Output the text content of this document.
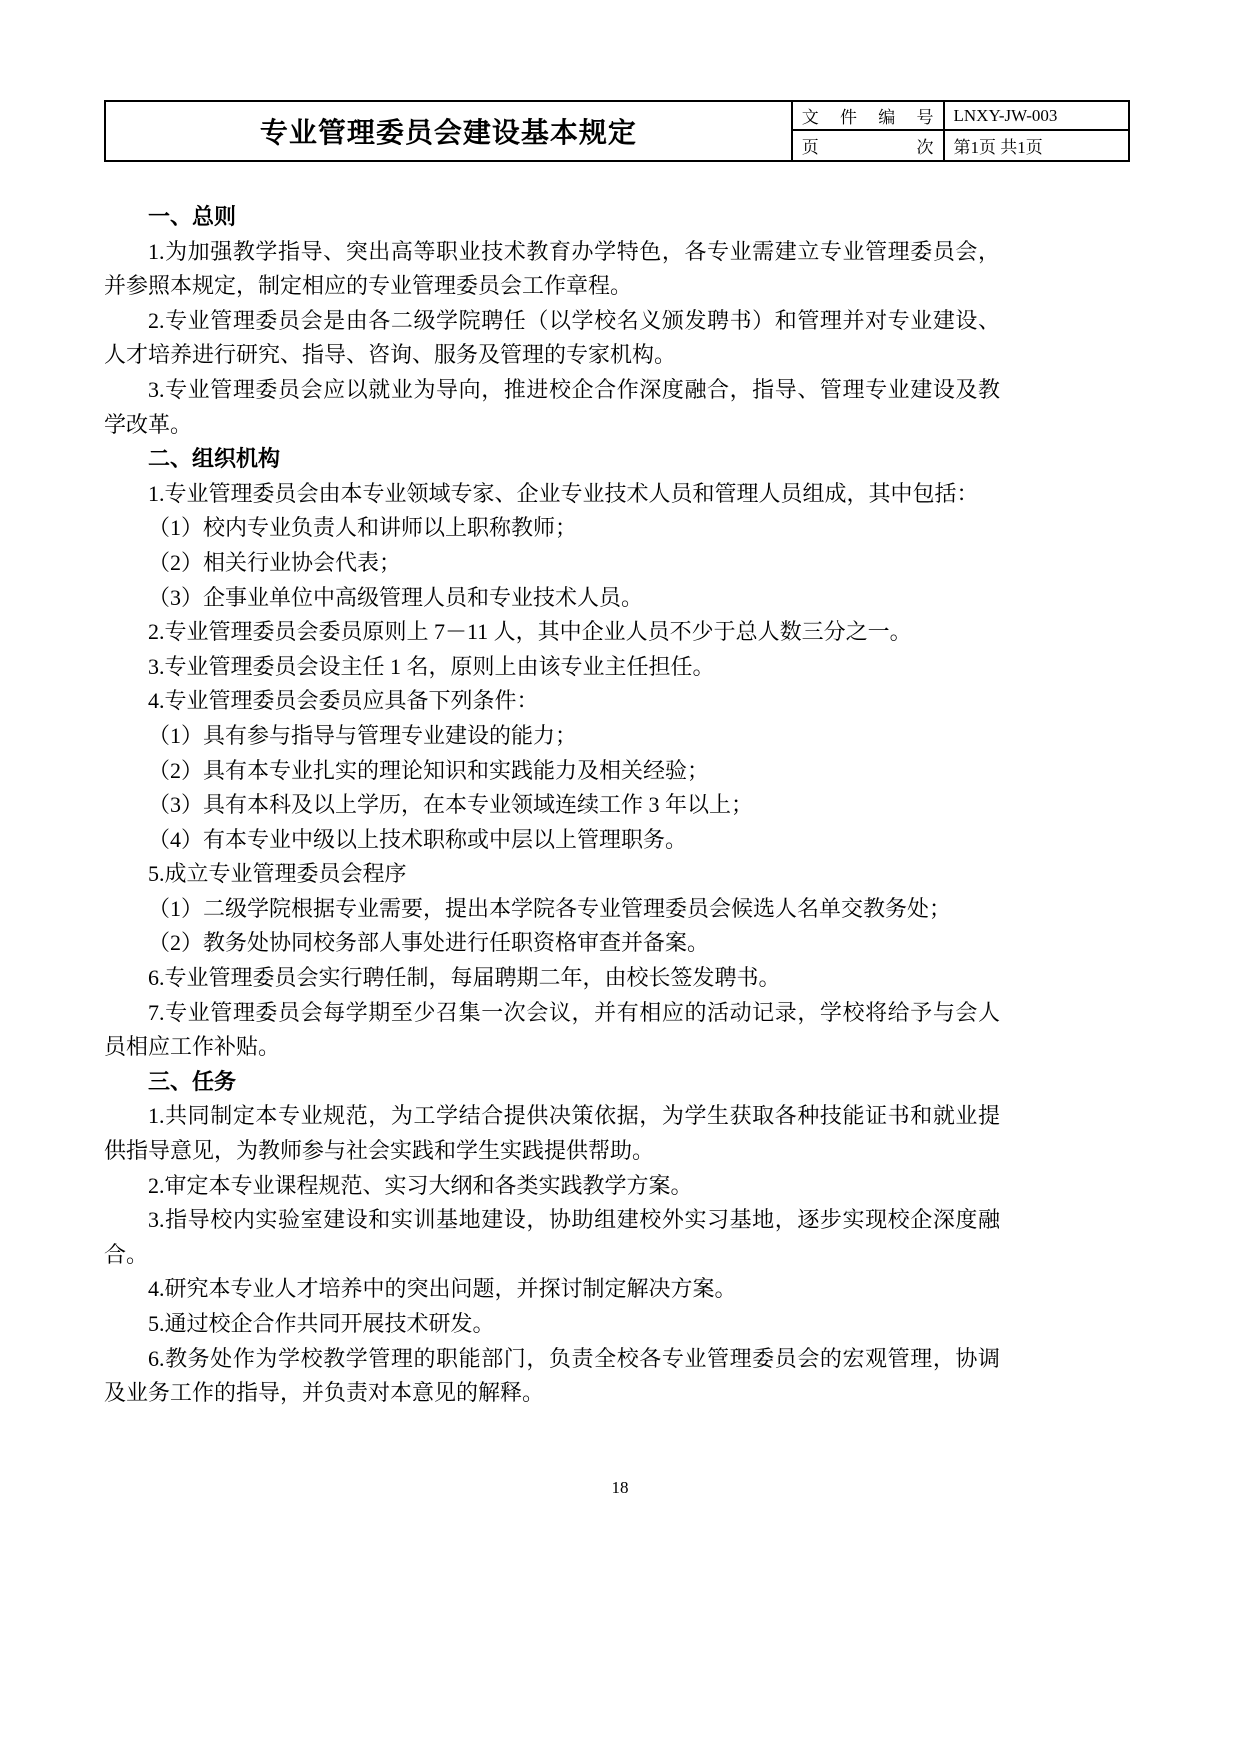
专业管理委员会建设基本规定	文 件 编 号	LNXY-JW-003
页	次	第1页 共1页
一、总则

1.为加强教学指导、突出高等职业技术教育办学特色，各专业需建立专业管理委员会，并参照本规定，制定相应的专业管理委员会工作章程。

2.专业管理委员会是由各二级学院聘任（以学校名义颁发聘书）和管理并对专业建设、人才培养进行研究、指导、咨询、服务及管理的专家机构。

3.专业管理委员会应以就业为导向，推进校企合作深度融合，指导、管理专业建设及教学改革。

二、组织机构

1.专业管理委员会由本专业领域专家、企业专业技术人员和管理人员组成，其中包括：

（1）校内专业负责人和讲师以上职称教师；

（2）相关行业协会代表；

（3）企事业单位中高级管理人员和专业技术人员。

2.专业管理委员会委员原则上 7－11 人，其中企业人员不少于总人数三分之一。

3.专业管理委员会设主任 1 名，原则上由该专业主任担任。

4.专业管理委员会委员应具备下列条件：

（1）具有参与指导与管理专业建设的能力；

（2）具有本专业扎实的理论知识和实践能力及相关经验；

（3）具有本科及以上学历，在本专业领域连续工作 3 年以上；

（4）有本专业中级以上技术职称或中层以上管理职务。

5.成立专业管理委员会程序

（1）二级学院根据专业需要，提出本学院各专业管理委员会候选人名单交教务处；

（2）教务处协同校务部人事处进行任职资格审查并备案。

6.专业管理委员会实行聘任制，每届聘期二年，由校长签发聘书。

7.专业管理委员会每学期至少召集一次会议，并有相应的活动记录，学校将给予与会人员相应工作补贴。

三、任务

1.共同制定本专业规范，为工学结合提供决策依据，为学生获取各种技能证书和就业提供指导意见，为教师参与社会实践和学生实践提供帮助。

2.审定本专业课程规范、实习大纲和各类实践教学方案。

3.指导校内实验室建设和实训基地建设，协助组建校外实习基地，逐步实现校企深度融合。

4.研究本专业人才培养中的突出问题，并探讨制定解决方案。

5.通过校企合作共同开展技术研发。

6.教务处作为学校教学管理的职能部门，负责全校各专业管理委员会的宏观管理，协调及业务工作的指导，并负责对本意见的解释。

18
